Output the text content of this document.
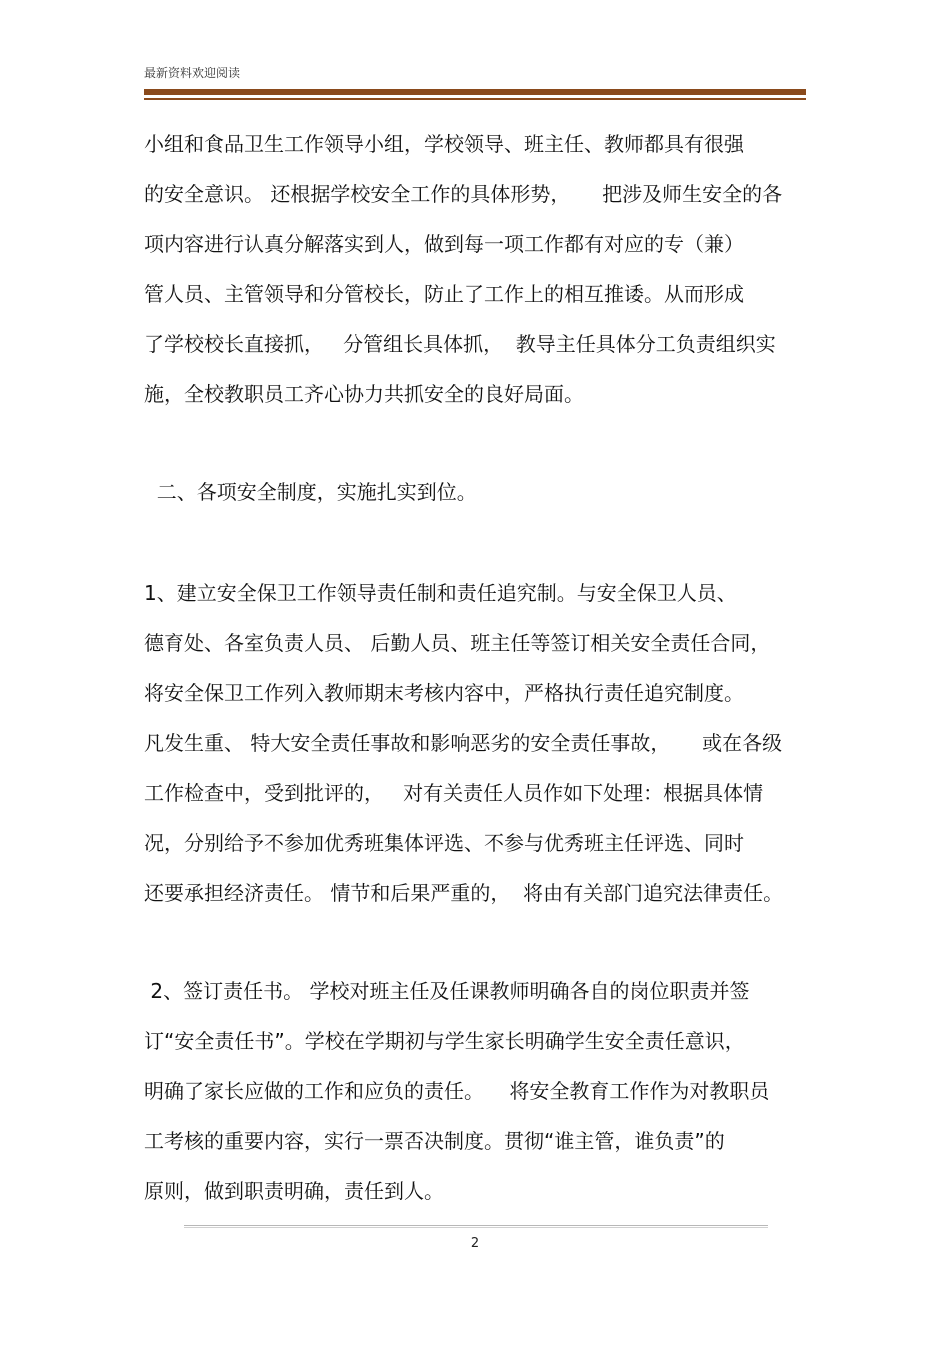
最新资料欢迎阅读
小组和食品卫生工作领导小组，学校领导、班主任、教师都具有很强
的安全意识。 还根据学校安全工作的具体形势，     把涉及师生安全的各
项内容进行认真分解落实到人，做到每一项工作都有对应的专（兼）
管人员、主管领导和分管校长，防止了工作上的相互推诿。从而形成
了学校校长直接抓，   分管组长具体抓，  教导主任具体分工负责组织实
施，全校教职员工齐心协力共抓安全的良好局面。
二、各项安全制度，实施扎实到位。
1、建立安全保卫工作领导责任制和责任追究制。与安全保卫人员、
德育处、各室负责人员、 后勤人员、班主任等签订相关安全责任合同，
将安全保卫工作列入教师期末考核内容中，严格执行责任追究制度。
凡发生重、 特大安全责任事故和影响恶劣的安全责任事故，     或在各级
工作检查中，受到批评的，   对有关责任人员作如下处理：根据具体情
况，分别给予不参加优秀班集体评选、不参与优秀班主任评选、同时
还要承担经济责任。 情节和后果严重的，  将由有关部门追究法律责任。
2、签订责任书。 学校对班主任及任课教师明确各自的岗位职责并签
订“安全责任书”。学校在学期初与学生家长明确学生安全责任意识，
明确了家长应做的工作和应负的责任。    将安全教育工作作为对教职员
工考核的重要内容，实行一票否决制度。贯彻“谁主管，谁负责”的
原则，做到职责明确，责任到人。
2
